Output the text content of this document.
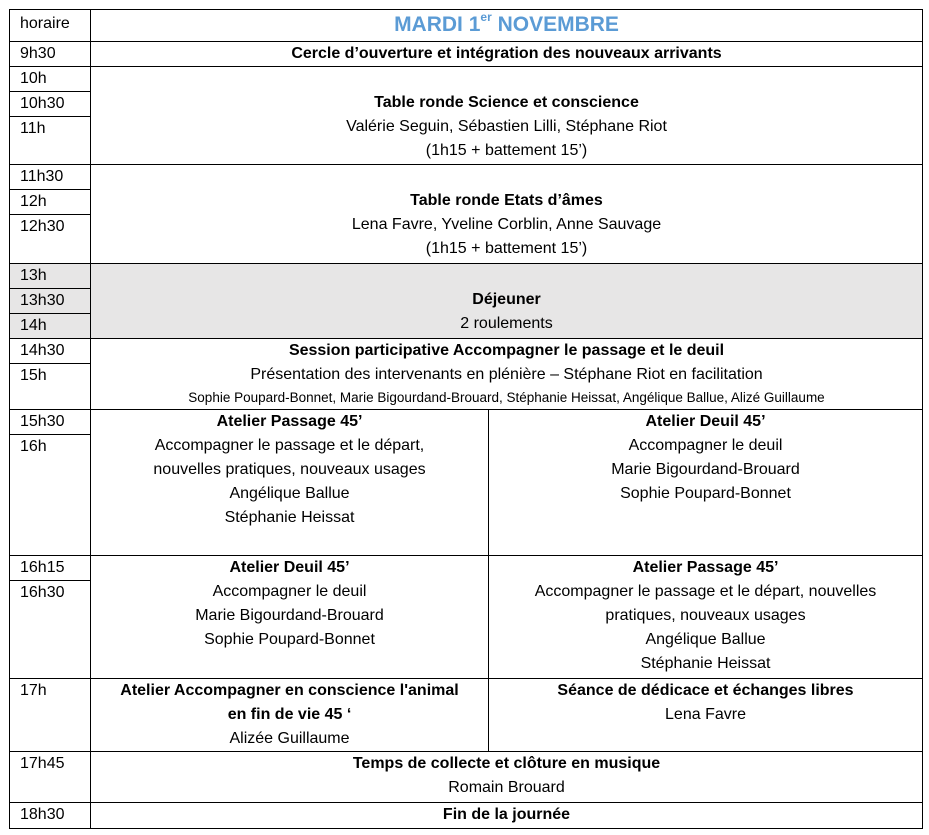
horaire	MARDI 1er NOVEMBRE
9h30
10h
10h30
11h
11h30
12h
12h30
13h
13h30
14h
14h30
15h
15h30
16h
16h15
16h30
17h
17h45
18h30
Cercle d’ouverture et intégration des nouveaux arrivants
Table ronde Science et conscience
Valérie Seguin, Sébastien Lilli, Stéphane Riot
(1h15 + battement 15’)
Table ronde Etats d’âmes
Lena Favre, Yveline Corblin, Anne Sauvage
(1h15 + battement 15’)
Déjeuner
2 roulements
Session participative Accompagner le passage et le deuil
Présentation des intervenants en plénière – Stéphane Riot en facilitation
Sophie Poupard-Bonnet, Marie Bigourdand-Brouard, Stéphanie Heissat, Angélique Ballue, Alizé Guillaume
Atelier Passage 45’
Accompagner le passage et le départ,
nouvelles pratiques, nouveaux usages
Angélique Ballue
Stéphanie Heissat
Atelier Deuil 45’
Accompagner le deuil
Marie Bigourdand-Brouard
Sophie Poupard-Bonnet
Atelier Deuil 45’
Accompagner le deuil
Marie Bigourdand-Brouard
Sophie Poupard-Bonnet
Atelier Passage 45’
Accompagner le passage et le départ, nouvelles
pratiques, nouveaux usages
Angélique Ballue
Stéphanie Heissat
Atelier Accompagner en conscience l'animal
en fin de vie 45 ‘
Alizée Guillaume
Séance de dédicace et échanges libres
Lena Favre
Temps de collecte et clôture en musique
Romain Brouard
Fin de la journée
